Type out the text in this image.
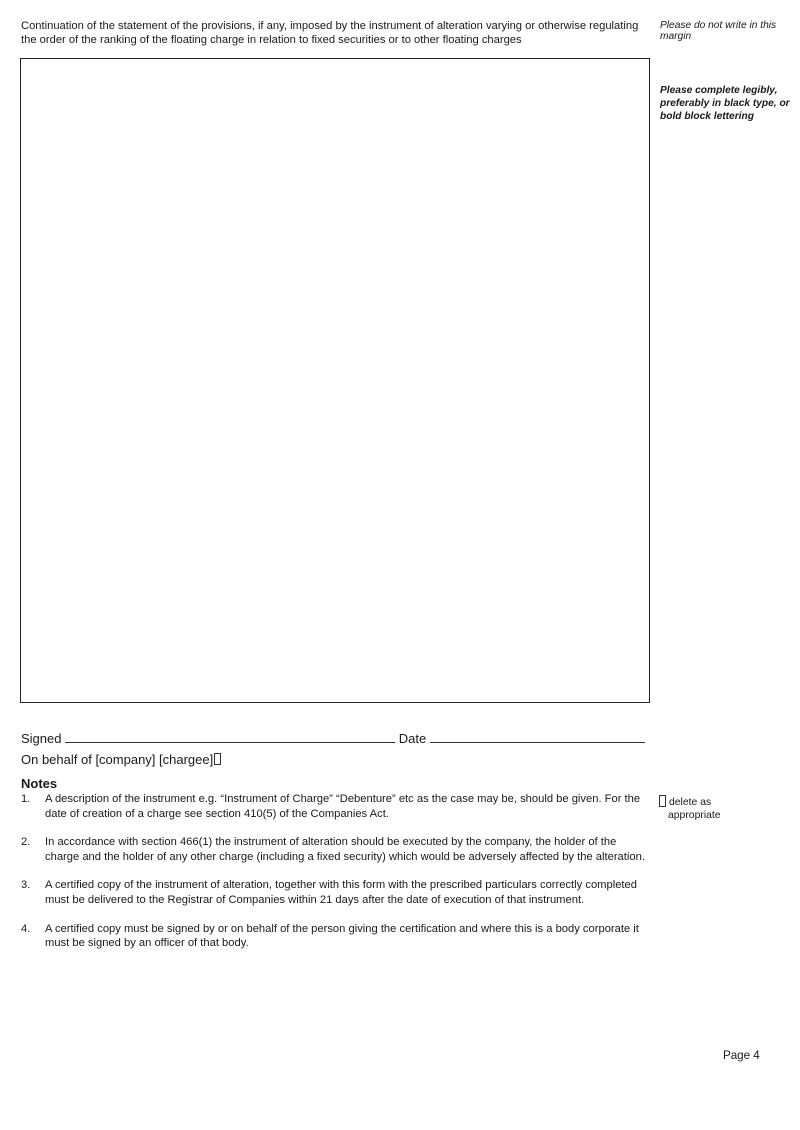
Continuation of the statement of the provisions, if any, imposed by the instrument of alteration varying or otherwise regulating the order of the ranking of the floating charge in relation to fixed securities or to other floating charges
Please do not write in this margin
Please complete legibly, preferably in black type, or bold block lettering
Signed	Date
On behalf of [company] [chargee]
Notes
1. A description of the instrument e.g. “Instrument of Charge” “Debenture” etc as the case may be, should be given. For the date of creation of a charge see section 410(5) of the Companies Act.
2. In accordance with section 466(1) the instrument of alteration should be executed by the company, the holder of the charge and the holder of any other charge (including a fixed security) which would be adversely affected by the alteration.
3. A certified copy of the instrument of alteration, together with this form with the prescribed particulars correctly completed must be delivered to the Registrar of Companies within 21 days after the date of execution of that instrument.
4. A certified copy must be signed by or on behalf of the person giving the certification and where this is a body corporate it must be signed by an officer of that body.
delete as
appropriate
Page 4
